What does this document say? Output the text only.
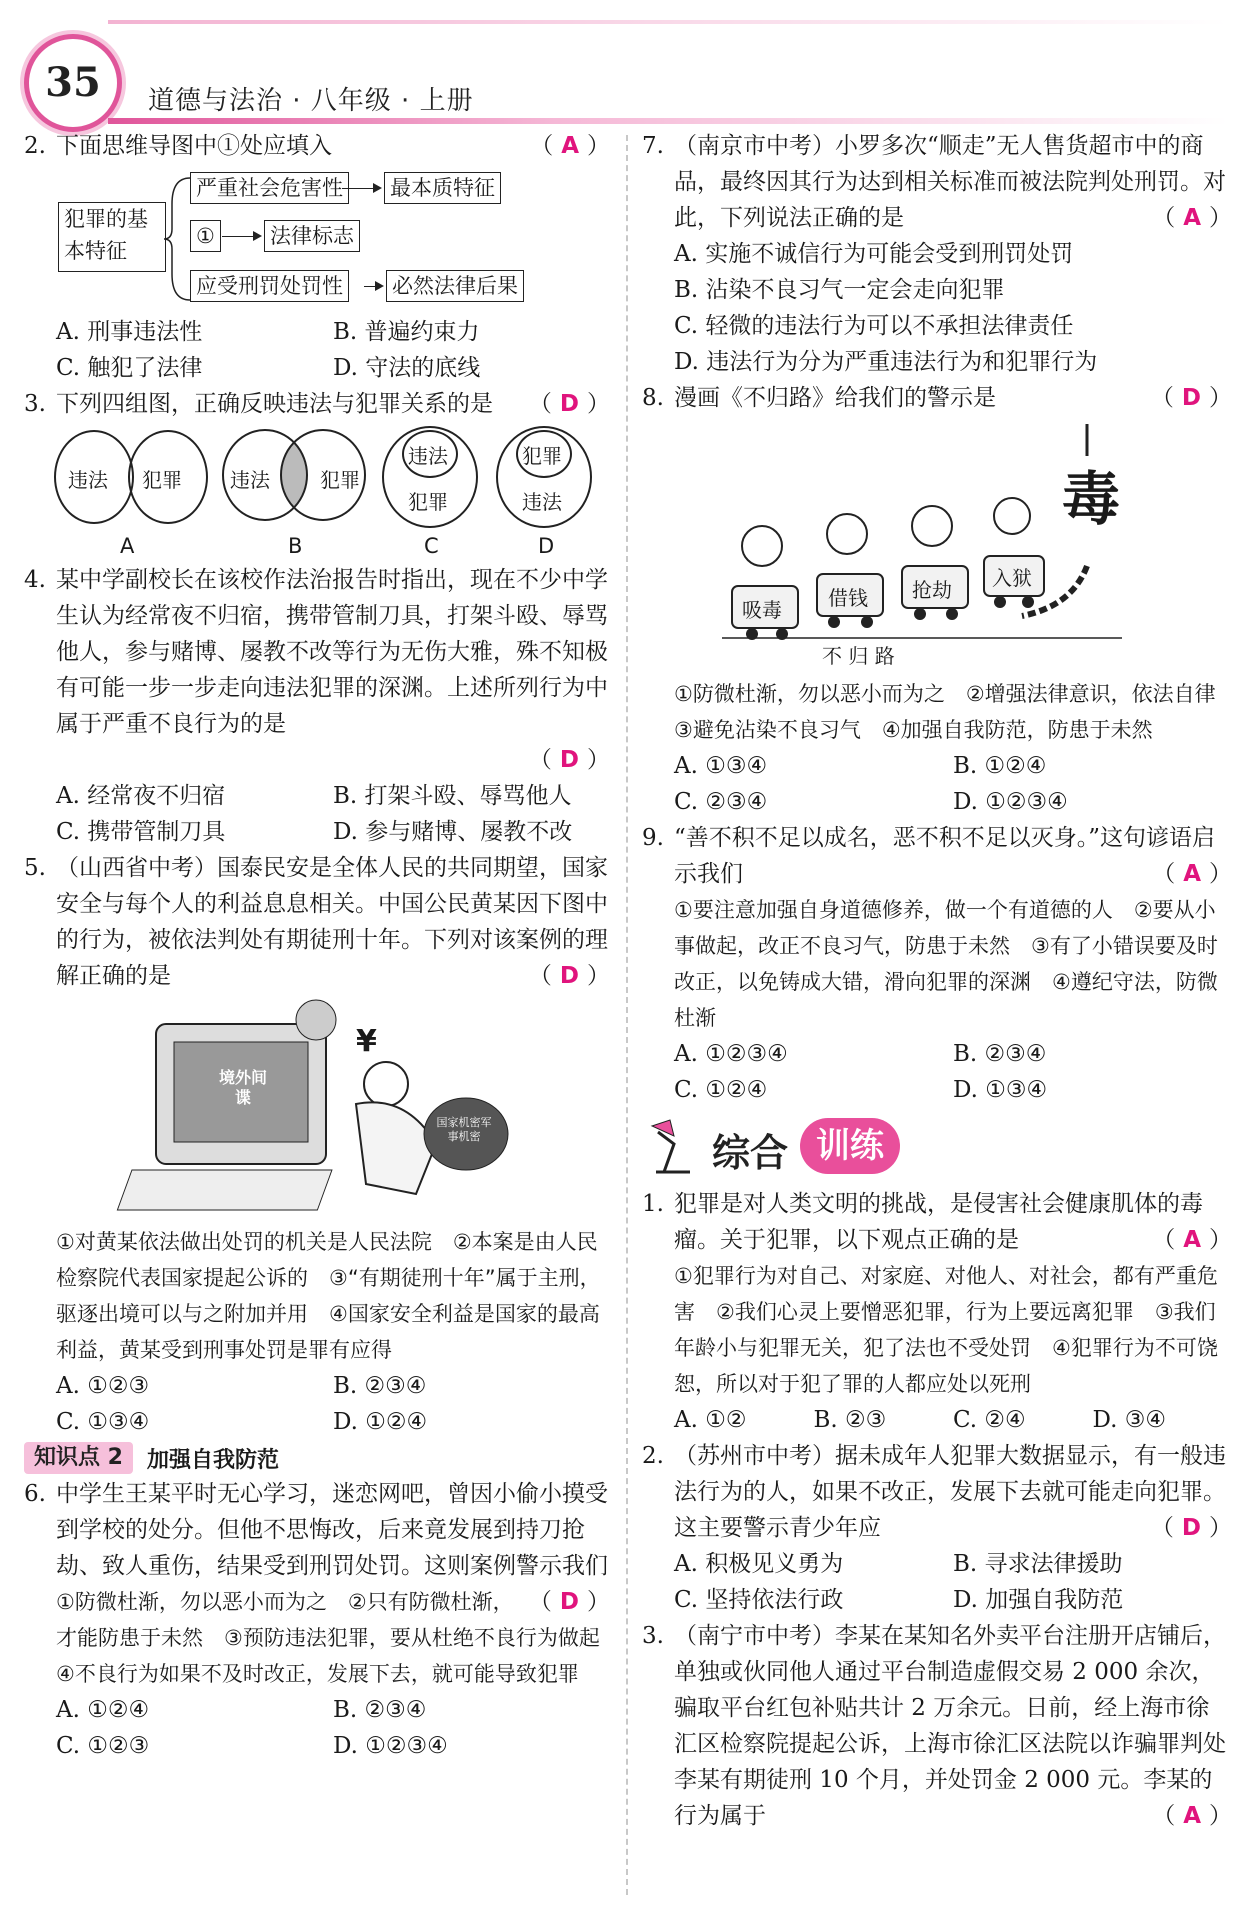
35	道德与法治 · 八年级 · 上册
2.	（ A ）
下面思维导图中①处应填入
犯罪的基本特征
严重社会危害性 最本质特征
①	法律标志
应受刑罚处罚性 必然法律后果
A. 刑事违法性	B. 普遍约束力
C. 触犯了法律	D. 守法的底线
3.	（ D ）
下列四组图，正确反映违法与犯罪关系的是
违法 犯罪
A
违法	犯罪
B
违法
犯罪
C
犯罪
违法
D
4. 某中学副校长在该校作法治报告时指出，现在不少中学生认为经常夜不归宿，携带管制刀具，打架斗殴、辱骂他人，参与赌博、屡教不改等行为无伤大雅，殊不知极有可能一步一步走向违法犯罪的深渊。上述所列行为中属于严重不良行为的是
（ D ）
A. 经常夜不归宿	B. 打架斗殴、辱骂他人
C. 携带管制刀具	D. 参与赌博、屡教不改
5. （山西省中考）国泰民安是全体人民的共同期望，国家安全与每个人的利益息息相关。中国公民黄某因下图中的行为，被依法判处有期徒刑十年。下列对该案例的理解正确的是	（ D ）
境外间谍
国家机密军事机密
¥

①对黄某依法做出处罚的机关是人民法院　②本案是由人民检察院代表国家提起公诉的　③“有期徒刑十年”属于主刑，驱逐出境可以与之附加并用　④国家安全利益是国家的最高利益，黄某受到刑事处罚是罪有应得

A. ①②③	B. ②③④
C. ①③④	D. ①②④
知识点 2	加强自我防范
6. 中学生王某平时无心学习，迷恋网吧，曾因小偷小摸受到学校的处分。但他不思悔改，后来竟发展到持刀抢劫、致人重伤，结果受到刑罚处罚。这则案例警示我们
（ D ）

①防微杜渐，勿以恶小而为之　②只有防微杜渐，才能防患于未然　③预防违法犯罪，要从杜绝不良行为做起　④不良行为如果不及时改正，发展下去，就可能导致犯罪

A. ①②④	B. ②③④
C. ①②③	D. ①②③④
7. （南京市中考）小罗多次“顺走”无人售货超市中的商品，最终因其行为达到相关标准而被法院判处刑罚。对此，下列说法正确的是	（ A ）

A. 实施不诚信行为可能会受到刑罚处罚

B. 沾染不良习气一定会走向犯罪

C. 轻微的违法行为可以不承担法律责任

D. 违法行为分为严重违法行为和犯罪行为

8.	（ D ）
漫画《不归路》给我们的警示是
毒
吸毒 借钱 抢劫 入狱
不 归 路

①防微杜渐，勿以恶小而为之　②增强法律意识，依法自律　③避免沾染不良习气　④加强自我防范，防患于未然

A. ①③④	B. ①②④
C. ②③④	D. ①②③④
9. “善不积不足以成名，恶不积不足以灭身。”这句谚语启示我们	（ A ）

①要注意加强自身道德修养，做一个有道德的人　②要从小事做起，改正不良习气，防患于未然　③有了小错误要及时改正，以免铸成大错，滑向犯罪的深渊　④遵纪守法，防微杜渐

A. ①②③④	B. ②③④
C. ①②④	D. ①③④
综合 训练
1. 犯罪是对人类文明的挑战，是侵害社会健康肌体的毒瘤。关于犯罪，以下观点正确的是	（ A ）

①犯罪行为对自己、对家庭、对他人、对社会，都有严重危害　②我们心灵上要憎恶犯罪，行为上要远离犯罪　③我们年龄小与犯罪无关，犯了法也不受处罚　④犯罪行为不可饶恕，所以对于犯了罪的人都应处以死刑

A. ①②	B. ②③	C. ②④	D. ③④
2. （苏州市中考）据未成年人犯罪大数据显示，有一般违法行为的人，如果不改正，发展下去就可能走向犯罪。这主要警示青少年应	（ D ）
A. 积极见义勇为	B. 寻求法律援助
C. 坚持依法行政	D. 加强自我防范
3. （南宁市中考）李某在某知名外卖平台注册开店铺后，单独或伙同他人通过平台制造虚假交易 2 000 余次，骗取平台红包补贴共计 2 万余元。日前，经上海市徐汇区检察院提起公诉，上海市徐汇区法院以诈骗罪判处李某有期徒刑 10 个月，并处罚金 2 000 元。李某的行为属于	（ A ）
